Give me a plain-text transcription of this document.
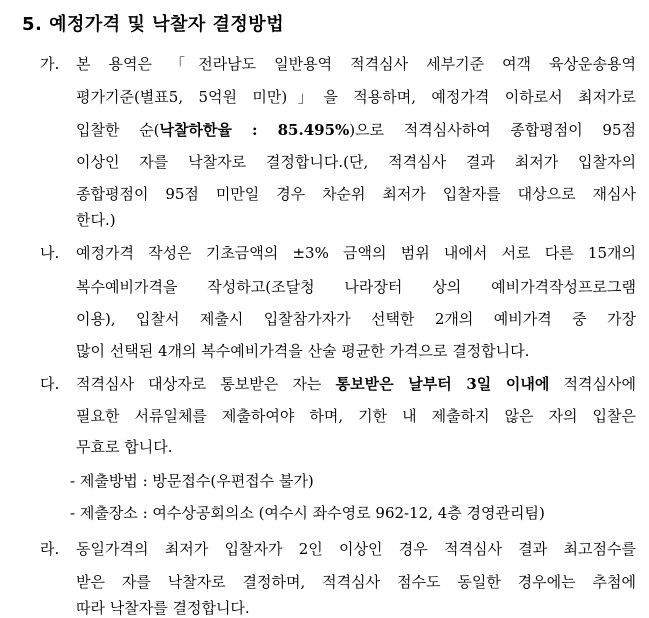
5. 예정가격 및 낙찰자 결정방법
가. 본 용역은 「전라남도 일반용역 적격심사 세부기준 여객 육상운송용역
평가기준(별표5, 5억원 미만)」을 적용하며, 예정가격 이하로서 최저가로
입찰한 순(낙찰하한율 : 85.495%)으로 적격심사하여 종합평점이 95점
이상인 자를 낙찰자로 결정합니다.(단, 적격심사 결과 최저가 입찰자의
종합평점이 95점 미만일 경우 차순위 최저가 입찰자를 대상으로 재심사
한다.)
나. 예정가격 작성은 기초금액의 ±3% 금액의 범위 내에서 서로 다른 15개의
복수예비가격을 작성하고(조달청 나라장터 상의 예비가격작성프로그램
이용), 입찰서 제출시 입찰참가자가 선택한 2개의 예비가격 중 가장
많이 선택된 4개의 복수예비가격을 산술 평균한 가격으로 결정합니다.
다. 적격심사 대상자로 통보받은 자는 통보받은 날부터 3일 이내에 적격심사에
필요한 서류일체를 제출하여야 하며, 기한 내 제출하지 않은 자의 입찰은
무효로 합니다.
- 제출방법 : 방문접수(우편접수 불가)
- 제출장소 : 여수상공회의소 (여수시 좌수영로 962-12, 4층 경영관리팀)
라. 동일가격의 최저가 입찰자가 2인 이상인 경우 적격심사 결과 최고점수를
받은 자를 낙찰자로 결정하며, 적격심사 점수도 동일한 경우에는 추첨에
따라 낙찰자를 결정합니다.
